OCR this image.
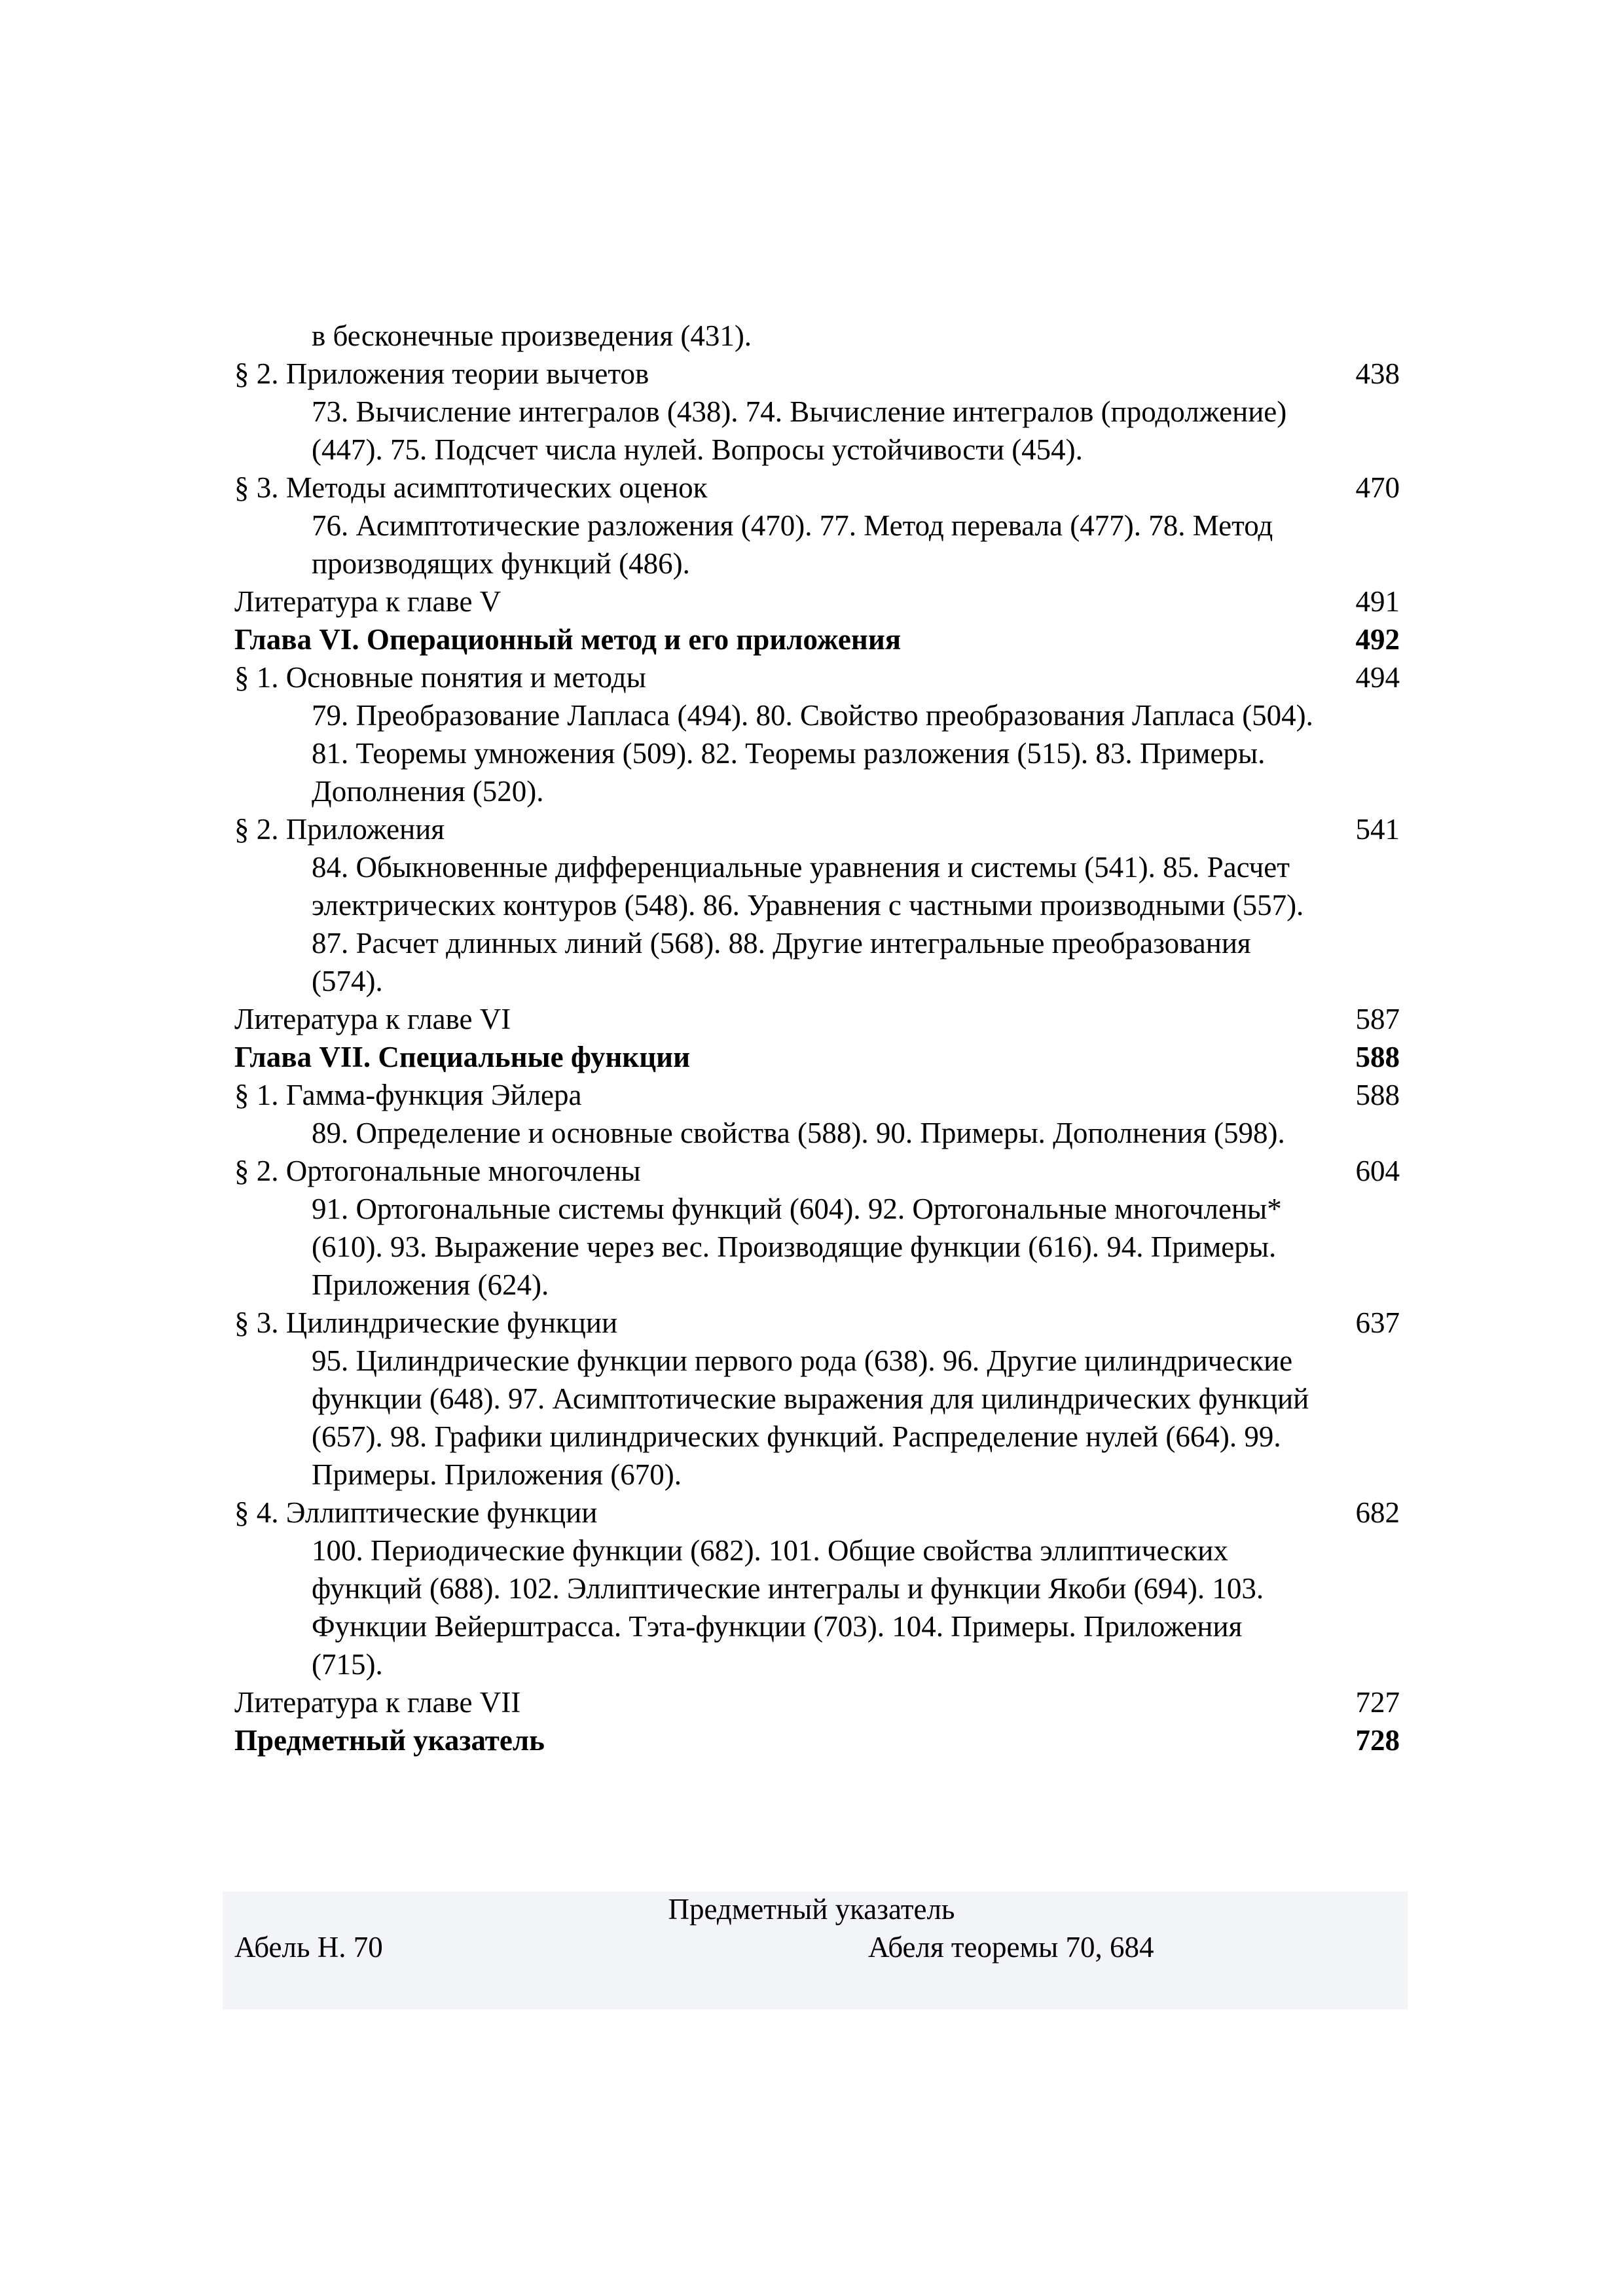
в бесконечные произведения (431).
§ 2. Приложения теории вычетов	438
73. Вычисление интегралов (438). 74. Вычисление интегралов (продолжение) (447). 75. Подсчет числа нулей. Вопросы устойчивости (454).
§ 3. Методы асимптотических оценок	470
76. Асимптотические разложения (470). 77. Метод перевала (477). 78. Метод производящих функций (486).
Литература к главе V	491
Глава VI. Операционный метод и его приложения	492
§ 1. Основные понятия и методы	494
79. Преобразование Лапласа (494). 80. Свойство преобразования Лапласа (504). 81. Теоремы умножения (509). 82. Теоремы разложения (515). 83. Примеры. Дополнения (520).
§ 2. Приложения	541
84. Обыкновенные дифференциальные уравнения и системы (541). 85. Расчет электрических контуров (548). 86. Уравнения с частными производными (557). 87. Расчет длинных линий (568). 88. Другие интегральные преобразования (574).
Литература к главе VI	587
Глава VII. Специальные функции	588
§ 1. Гамма-функция Эйлера	588
89. Определение и основные свойства (588). 90. Примеры. Дополнения (598).
§ 2. Ортогональные многочлены	604
91. Ортогональные системы функций (604). 92. Ортогональные многочлены* (610). 93. Выражение через вес. Производящие функции (616). 94. Примеры. Приложения (624).
§ 3. Цилиндрические функции	637
95. Цилиндрические функции первого рода (638). 96. Другие цилиндрические функции (648). 97. Асимптотические выражения для цилиндрических функций (657). 98. Графики цилиндрических функций. Распределение нулей (664). 99. Примеры. Приложения (670).
§ 4. Эллиптические функции	682
100. Периодические функции (682). 101. Общие свойства эллиптических функций (688). 102. Эллиптические интегралы и функции Якоби (694). 103. Функции Вейерштрасса. Тэта-функции (703). 104. Примеры. Приложения (715).
Литература к главе VII	727
Предметный указатель	728
Предметный указатель
Абель Н. 70	Абеля теоремы 70, 684
